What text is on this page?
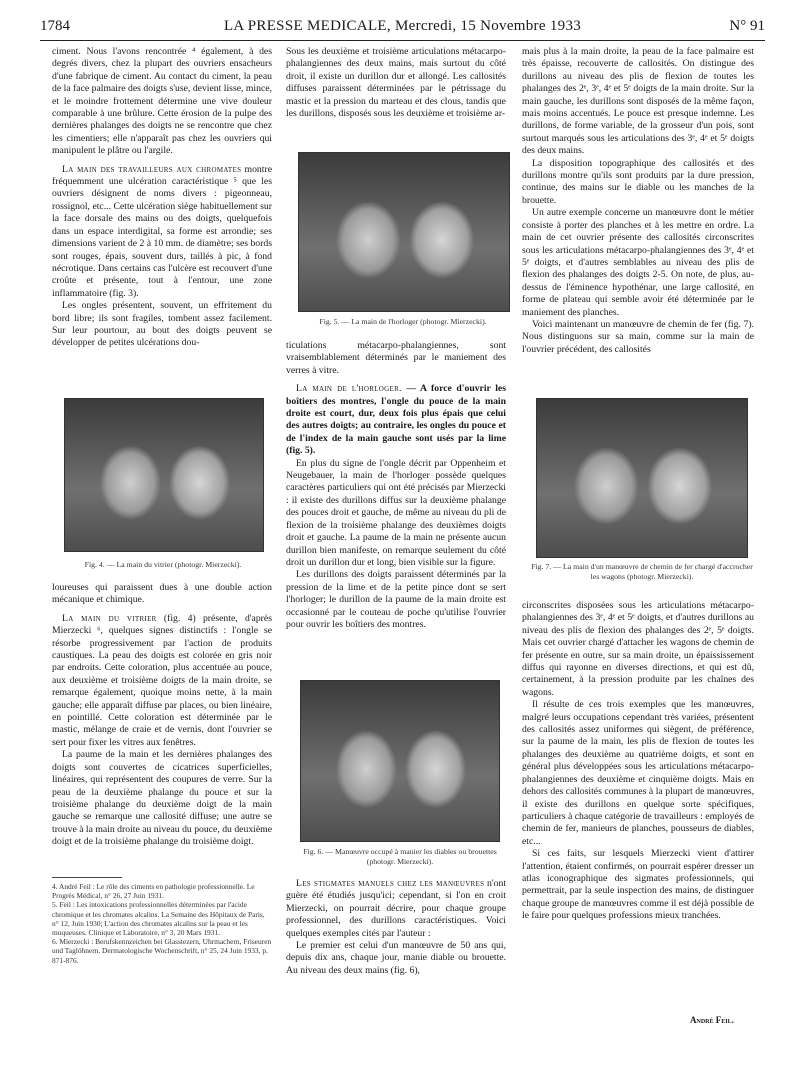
1784	LA PRESSE MEDICALE, Mercredi, 15 Novembre 1933	N° 91

ciment. Nous l'avons rencontrée ⁴ également, à des degrés divers, chez la plupart des ouvriers ensacheurs d'une fabrique de ciment. Au contact du ciment, la peau de la face palmaire des doigts s'use, devient lisse, mince, et le moindre frottement détermine une vive douleur comparable à une brûlure. Cette érosion de la pulpe des dernières phalanges des doigts ne se rencontre que chez les cimentiers; elle n'apparaît pas chez les ouvriers qui manipulent le plâtre ou l'argile.

La main des travailleurs aux chromates montre fréquemment une ulcération caractéristique ⁵ que les ouvriers désignent de noms divers : pigeonneau, rossignol, etc... Cette ulcération siège habituellement sur la face dorsale des mains ou des doigts, quelquefois dans un espace interdigital, sa forme est arrondie; ses dimensions varient de 2 à 10 mm. de diamètre; ses bords sont rouges, épais, souvent durs, taillés à pic, à fond nécrotique. Dans certains cas l'ulcère est recouvert d'une croûte et présente, tout à l'entour, une zone inflammatoire (fig. 3).

Les ongles présentent, souvent, un effritement du bord libre; ils sont fragiles, tombent assez facilement. Sur leur pourtour, au bout des doigts peuvent se développer de petites ulcérations dou-

Fig. 4. — La main du vitrier (photogr. Mierzecki).

loureuses qui paraissent dues à une double action mécanique et chimique.

La main du vitrier (fig. 4) présente, d'après Mierzecki ⁶, quelques signes distinctifs : l'ongle se résorbe progressivement par l'action de produits caustiques. La peau des doigts est colorée en gris noir par endroits. Cette coloration, plus accentuée au pouce, aux deuxième et troisième doigts de la main droite, se remarque également, quoique moins nette, à la main gauche; elle apparaît diffuse par places, ou bien linéaire, en pointillé. Cette coloration est déterminée par le mastic, mélange de craie et de vernis, dont l'ouvrier se sert pour fixer les vitres aux fenêtres.

La paume de la main et les dernières phalanges des doigts sont couvertes de cicatrices superficielles, linéaires, qui représentent des coupures de verre. Sur la peau de la deuxième phalange du pouce et sur la troisième phalange du deuxième doigt de la main gauche se remarque une callosité diffuse; une autre se trouve à la main droite au niveau du pouce, du deuxième doigt et de la troisième phalange du troisième doigt.

4. André Feil : Le rôle des ciments en pathologie professionnelle. Le Progrès Médical, n° 26, 27 Juin 1931.
5. Feil : Les intoxications professionnelles déterminées par l'acide chromique et les chromates alcalins. La Semaine des Hôpitaux de Paris, n° 12, Juin 1930; L'action des chromates alcalins sur la peau et les muqueuses. Clinique et Laboratoire, n° 3, 20 Mars 1931.
6. Mierzecki : Berufskennzeichen bei Glasstezern, Uhrmachern, Friseuren und Taglöhnern. Dermatologische Wochenschrift, n° 25, 24 Juin 1933, p. 871-876.

Sous les deuxième et troisième articulations métacarpo-phalangiennes des deux mains, mais surtout du côté droit, il existe un durillon dur et allongé. Les callosités diffuses paraissent déterminées par le pétrissage du mastic et la pression du marteau et des clous, tandis que les durillons, disposés sous les deuxième et troisième ar-

Fig. 5. — La main de l'horloger (photogr. Mierzecki).

ticulations métacarpo-phalangiennes, sont vraisemblablement déterminés par le maniement des verres à vitre.

La main de l'horloger. — A force d'ouvrir les boîtiers des montres, l'ongle du pouce de la main droite est court, dur, deux fois plus épais que celui des autres doigts; au contraire, les ongles du pouce et de l'index de la main gauche sont usés par la lime (fig. 5).

En plus du signe de l'ongle décrit par Oppenheim et Neugebauer, la main de l'horloger possède quelques caractères particuliers qui ont été précisés par Mierzecki : il existe des durillons diffus sur la deuxième phalange des pouces droit et gauche, de même au niveau du pli de flexion de la troisième phalange des deuxièmes doigts droit et gauche. La paume de la main ne présente aucun durillon bien manifeste, on remarque seulement du côté droit un durillon dur et long, bien visible sur la figure.

Les durillons des doigts paraissent déterminés par la pression de la lime et de la petite pince dont se sert l'horloger; le durillon de la paume de la main droite est occasionné par le couteau de poche qu'utilise l'ouvrier pour ouvrir les boîtiers des montres.

Fig. 6. — Manœuvre occupé à manier les diables ou brouettes (photogr. Mierzecki).

Les stigmates manuels chez les manœuvres n'ont guère été étudiés jusqu'ici; cependant, si l'on en croit Mierzecki, on pourrait décrire, pour chaque groupe professionnel, des durillons caractéristiques. Voici quelques exemples cités par l'auteur :

Le premier est celui d'un manœuvre de 50 ans qui, depuis dix ans, chaque jour, manie diable ou brouette. Au niveau des deux mains (fig. 6),

mais plus à la main droite, la peau de la face palmaire est très épaisse, recouverte de callosités. On distingue des durillons au niveau des plis de flexion de toutes les phalanges des 2ᵉ, 3ᵉ, 4ᵉ et 5ᵉ doigts de la main droite. Sur la main gauche, les durillons sont disposés de la même façon, mais moins accentués. Le pouce est presque indemne. Les durillons, de forme variable, de la grosseur d'un pois, sont surtout marqués sous les articulations des 3ᵉ, 4ᵉ et 5ᵉ doigts des deux mains.

La disposition topographique des callosités et des durillons montre qu'ils sont produits par la dure pression, continue, des mains sur le diable ou les manches de la brouette.

Un autre exemple concerne un manœuvre dont le métier consiste à porter des planches et à les mettre en ordre. La main de cet ouvrier présente des callosités circonscrites sous les articulations métacarpo-phalangiennes des 3ᵉ, 4ᵉ et 5ᵉ doigts, et d'autres semblables au niveau des plis de flexion des phalanges des doigts 2-5. On note, de plus, au-dessus de l'éminence hypothénar, une large callosité, en forme de plateau qui semble avoir été déterminée par le maniement des planches.

Voici maintenant un manœuvre de chemin de fer (fig. 7). Nous distinguons sur sa main, comme sur la main de l'ouvrier précédent, des callosités

Fig. 7. — La main d'un manœuvre de chemin de fer chargé d'accrocher les wagons (photogr. Mierzecki).

circonscrites disposées sous les articulations métacarpo-phalangiennes des 3ᵉ, 4ᵉ et 5ᵉ doigts, et d'autres durillons au niveau des plis de flexion des phalanges des 2ᵉ, 5ᵉ doigts. Mais cet ouvrier chargé d'attacher les wagons de chemin de fer présente en outre, sur sa main droite, un épaississement diffus qui rayonne en diverses directions, et qui est dû, certainement, à la pression produite par les chaînes des wagons.

Il résulte de ces trois exemples que les manœuvres, malgré leurs occupations cependant très variées, présentent des callosités assez uniformes qui siègent, de préférence, sur la paume de la main, les plis de flexion de toutes les phalanges des deuxième au quatrième doigts, et sont en général plus développées sous les articulations métacarpo-phalangiennes des deuxième et cinquième doigts. Mais en dehors des callosités communes à la plupart de manœuvres, il existe des durillons en quelque sorte spécifiques, particuliers à chaque catégorie de travailleurs : employés de chemin de fer, manieurs de planches, pousseurs de diables, etc...

Si ces faits, sur lesquels Mierzecki vient d'attirer l'attention, étaient confirmés, on pourrait espérer dresser un atlas iconographique des sigmates professionnels, qui permettrait, par la seule inspection des mains, de distinguer chaque groupe de manœuvres comme il est déjà possible de le faire pour quelques professions mieux tranchées.

André Feil.
